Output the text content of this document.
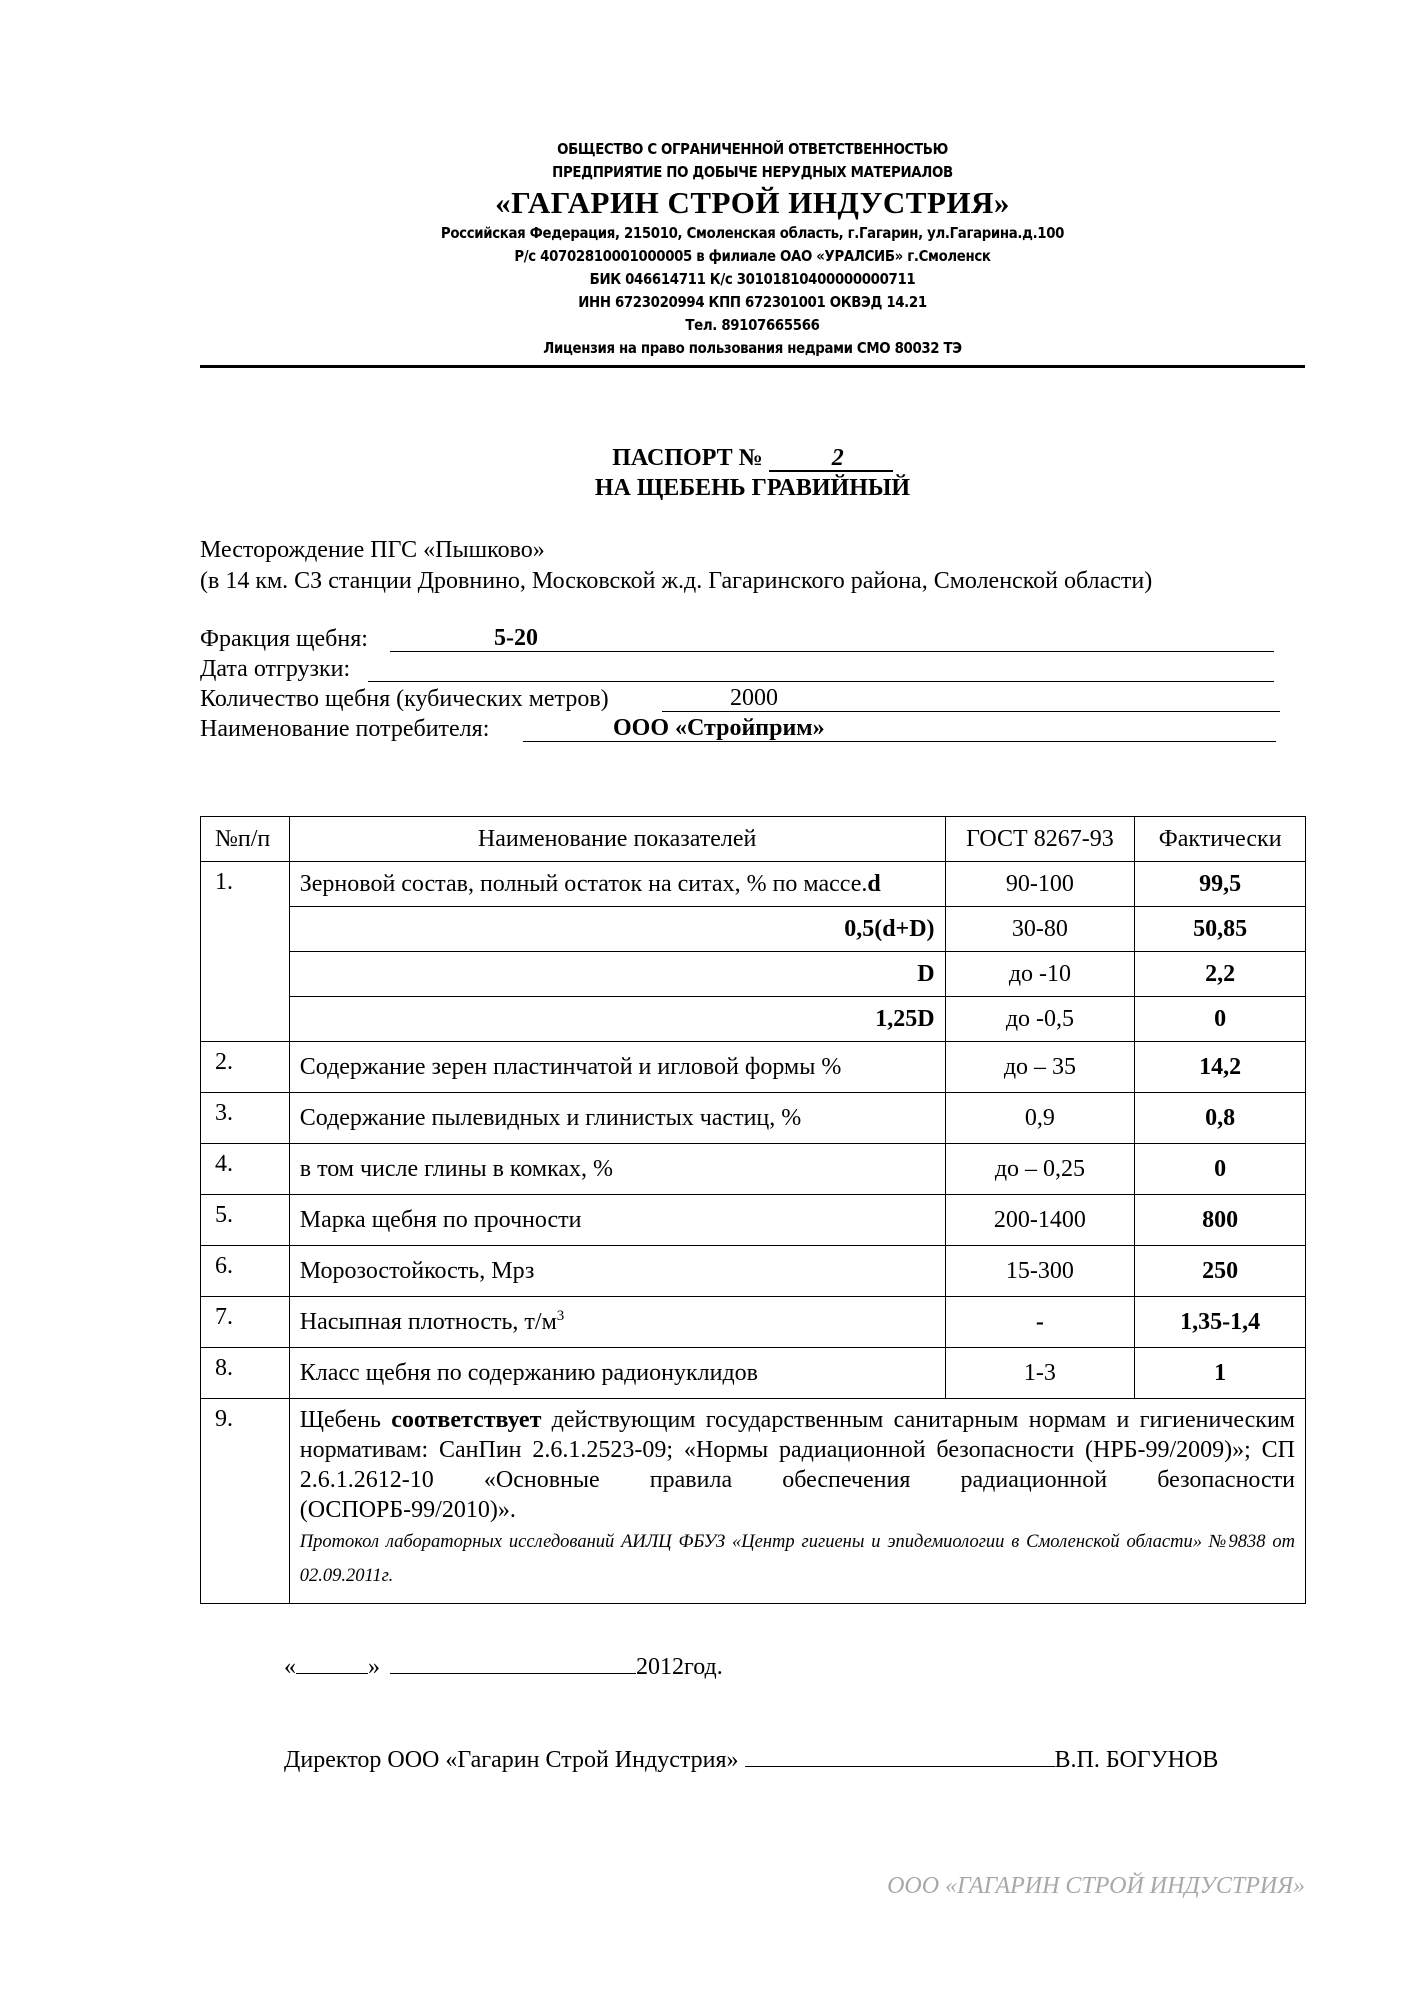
ОБЩЕСТВО С ОГРАНИЧЕННОЙ ОТВЕТСТВЕННОСТЬЮ
ПРЕДПРИЯТИЕ ПО ДОБЫЧЕ НЕРУДНЫХ МАТЕРИАЛОВ
«ГАГАРИН СТРОЙ ИНДУСТРИЯ»
Российская Федерация, 215010, Смоленская область, г.Гагарин, ул.Гагарина.д.100
Р/с 40702810001000005 в филиале ОАО «УРАЛСИБ» г.Смоленск
БИК 046614711 К/с 30101810400000000711
ИНН 6723020994 КПП 672301001 ОКВЭД 14.21
Тел. 89107665566
Лицензия на право пользования недрами СМО 80032 ТЭ
ПАСПОРТ №	2
НА ЩЕБЕНЬ ГРАВИЙНЫЙ
Месторождение ПГС «Пышково»
(в 14 км. СЗ станции Дровнино, Московской ж.д. Гагаринского района, Смоленской области)
Фракция щебня:	5-20
Дата отгрузки:
Количество щебня (кубических метров)	2000
Наименование потребителя:	ООО «Стройприм»
№п/п	Наименование показателей	ГОСТ 8267-93	Фактически
1.	Зерновой состав, полный остаток на ситах, % по массе.d	90-100	99,5
	0,5(d+D)	30-80	50,85
	D	до -10	2,2
	1,25D	до -0,5	0
2.	Содержание зерен пластинчатой и игловой формы %	до – 35	14,2
3.	Содержание пылевидных и глинистых частиц, %	0,9	0,8
4.	в том числе глины в комках, %	до – 0,25	0
5.	Марка щебня по прочности	200-1400	800
6.	Морозостойкость, Мрз	15-300	250
7.	Насыпная плотность, $т/м^3$	-	1,35-1,4
8.	Класс щебня по содержанию радионуклидов	1-3	1
9.	Щебень соответствует действующим государственным санитарным нормам и гигиеническим нормативам: СанПин 2.6.1.2523-09; «Нормы радиационной безопасности (НРБ-99/2009)»; СП 2.6.1.2612-10 «Основные правила обеспечения радиационной безопасности (ОСПОРБ-99/2010)».
Протокол лабораторных исследований АИЛЦ ФБУЗ «Центр гигиены и эпидемиологии в Смоленской области» №9838 от 02.09.2011г.		
«	»	2012год.
Директор ООО «Гагарин Строй Индустрия»	В.П. БОГУНОВ
ООО «ГАГАРИН СТРОЙ ИНДУСТРИЯ»
